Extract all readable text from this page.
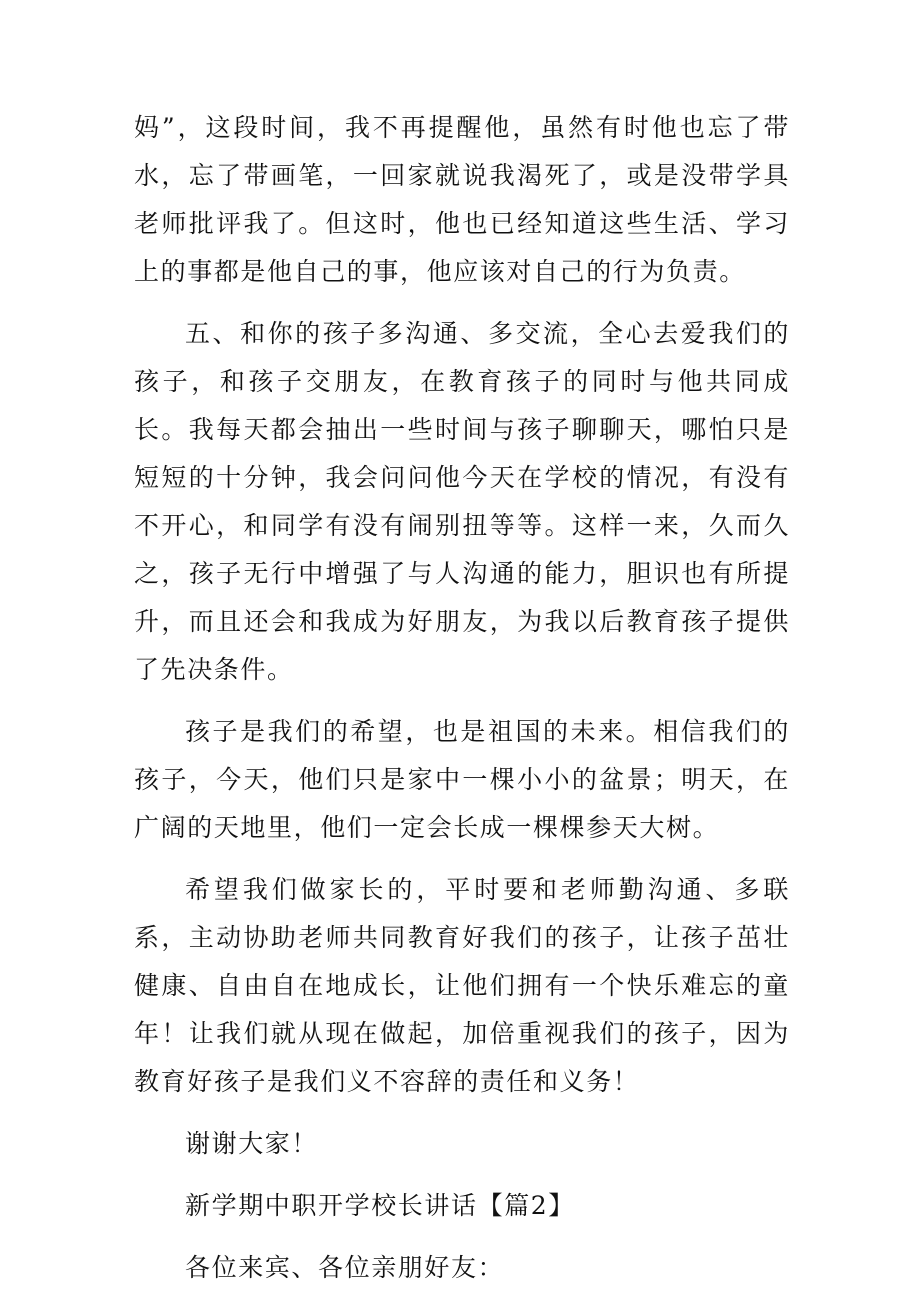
妈”，这段时间，我不再提醒他，虽然有时他也忘了带水，忘了带画笔，一回家就说我渴死了，或是没带学具老师批评我了。但这时，他也已经知道这些生活、学习上的事都是他自己的事，他应该对自己的行为负责。

五、和你的孩子多沟通、多交流，全心去爱我们的孩子，和孩子交朋友，在教育孩子的同时与他共同成长。我每天都会抽出一些时间与孩子聊聊天，哪怕只是短短的十分钟，我会问问他今天在学校的情况，有没有不开心，和同学有没有闹别扭等等。这样一来，久而久之，孩子无行中增强了与人沟通的能力，胆识也有所提升，而且还会和我成为好朋友，为我以后教育孩子提供了先决条件。

孩子是我们的希望，也是祖国的未来。相信我们的孩子，今天，他们只是家中一棵小小的盆景；明天，在广阔的天地里，他们一定会长成一棵棵参天大树。

希望我们做家长的，平时要和老师勤沟通、多联系，主动协助老师共同教育好我们的孩子，让孩子茁壮健康、自由自在地成长，让他们拥有一个快乐难忘的童年！让我们就从现在做起，加倍重视我们的孩子，因为教育好孩子是我们义不容辞的责任和义务！

谢谢大家！

新学期中职开学校长讲话【篇2】

各位来宾、各位亲朋好友：
